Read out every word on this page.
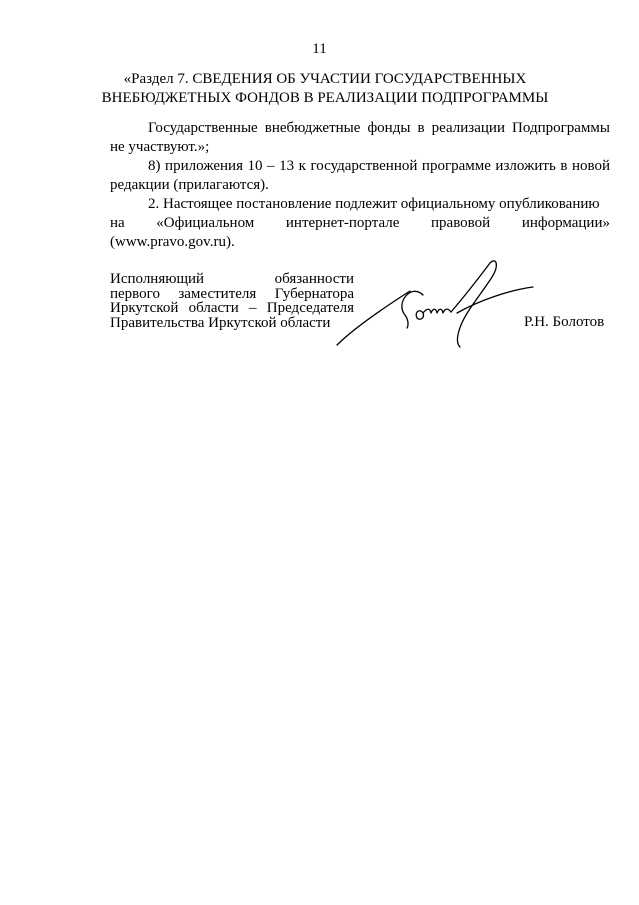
11
«Раздел 7. СВЕДЕНИЯ ОБ УЧАСТИИ ГОСУДАРСТВЕННЫХ
ВНЕБЮДЖЕТНЫХ ФОНДОВ В РЕАЛИЗАЦИИ ПОДПРОГРАММЫ

Государственные внебюджетные фонды в реализации Подпрограммы не участвуют.»;

8) приложения 10 – 13 к государственной программе изложить в новой редакции (прилагаются).

2. Настоящее постановление подлежит официальному опубликованию

на «Официальном интернет-портале правовой информации»

(www.pravo.gov.ru).

Исполняющий	обязанности
первого заместителя Губернатора
Иркутской области – Председателя
Правительства Иркутской области	Р.Н. Болотов
